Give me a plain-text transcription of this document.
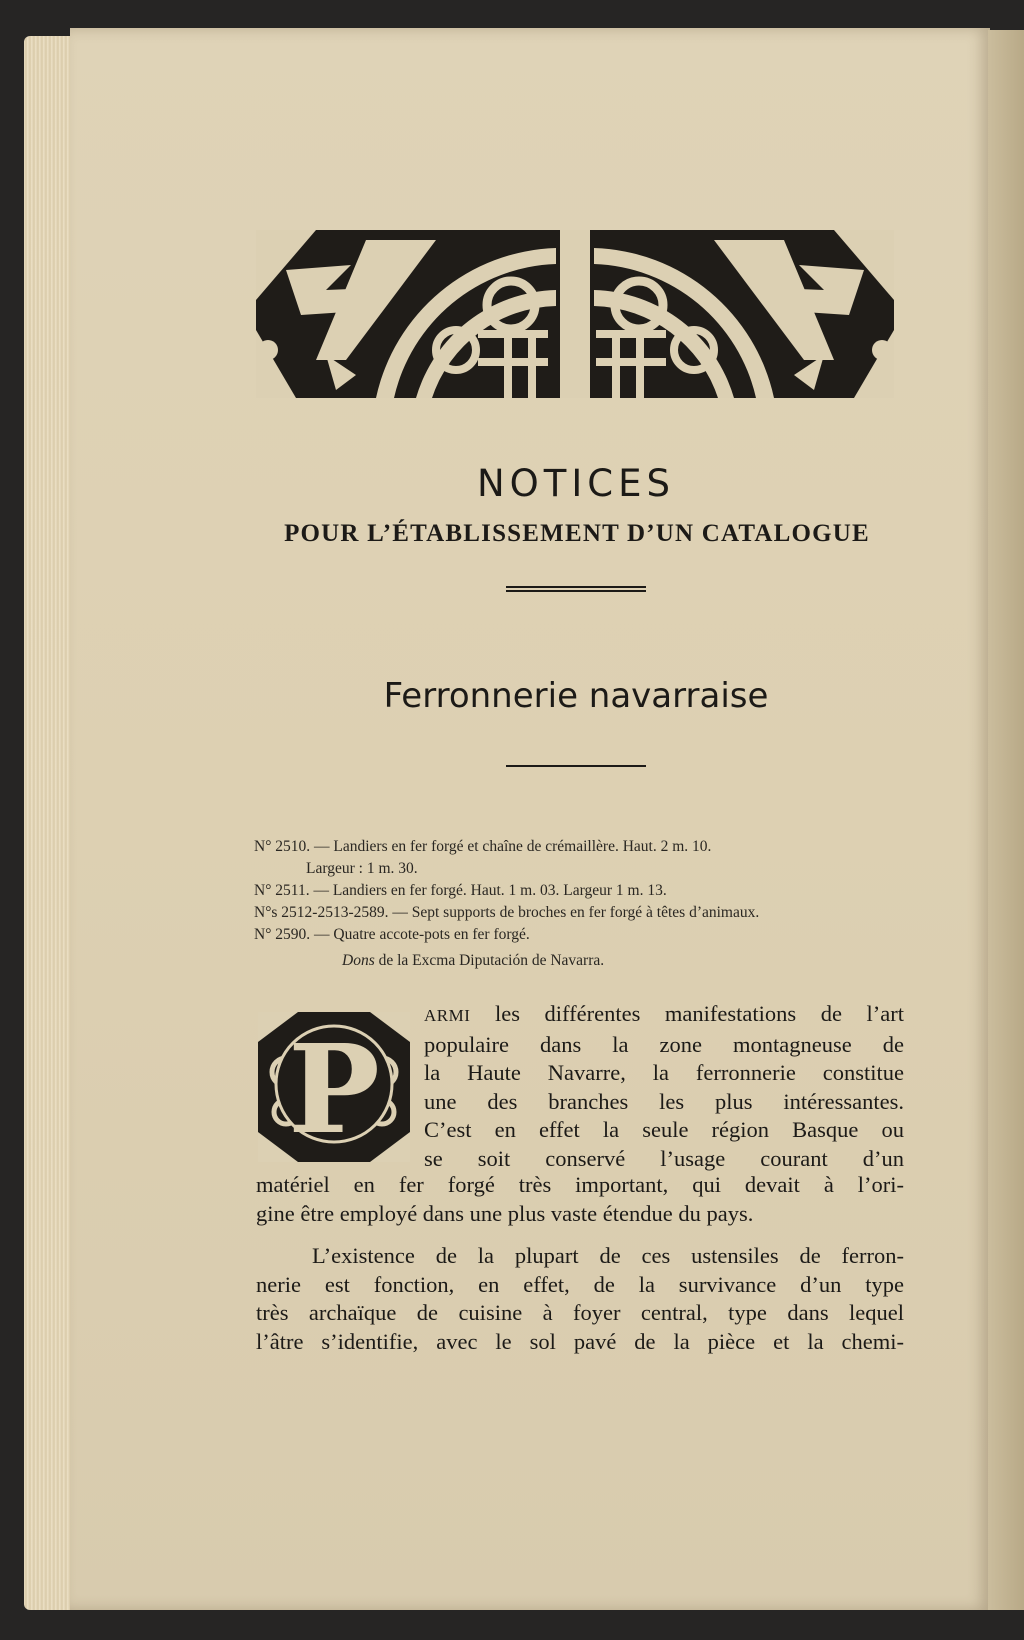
NOTICES
POUR L’ÉTABLISSEMENT D’UN CATALOGUE
Ferronnerie navarraise
N° 2510. — Landiers en fer forgé et chaîne de crémaillère. Haut. 2 m. 10.
Largeur : 1 m. 30.
N° 2511. — Landiers en fer forgé. Haut. 1 m. 03. Largeur 1 m. 13.
N°s 2512-2513-2589. — Sept supports de broches en fer forgé à têtes d’animaux.
N° 2590. — Quatre accote-pots en fer forgé.
Dons de la Excma Diputación de Navarra.
P
ARMI les différentes manifestations de l’art
populaire dans la zone montagneuse de
la Haute Navarre, la ferronnerie constitue
une des branches les plus intéressantes.
C’est en effet la seule région Basque ou
se soit conservé l’usage courant d’un
matériel en fer forgé très important, qui devait à l’ori-
gine être employé dans une plus vaste étendue du pays.
L’existence de la plupart de ces ustensiles de ferron-
nerie est fonction, en effet, de la survivance d’un type
très archaïque de cuisine à foyer central, type dans lequel
l’âtre s’identifie, avec le sol pavé de la pièce et la chemi-
